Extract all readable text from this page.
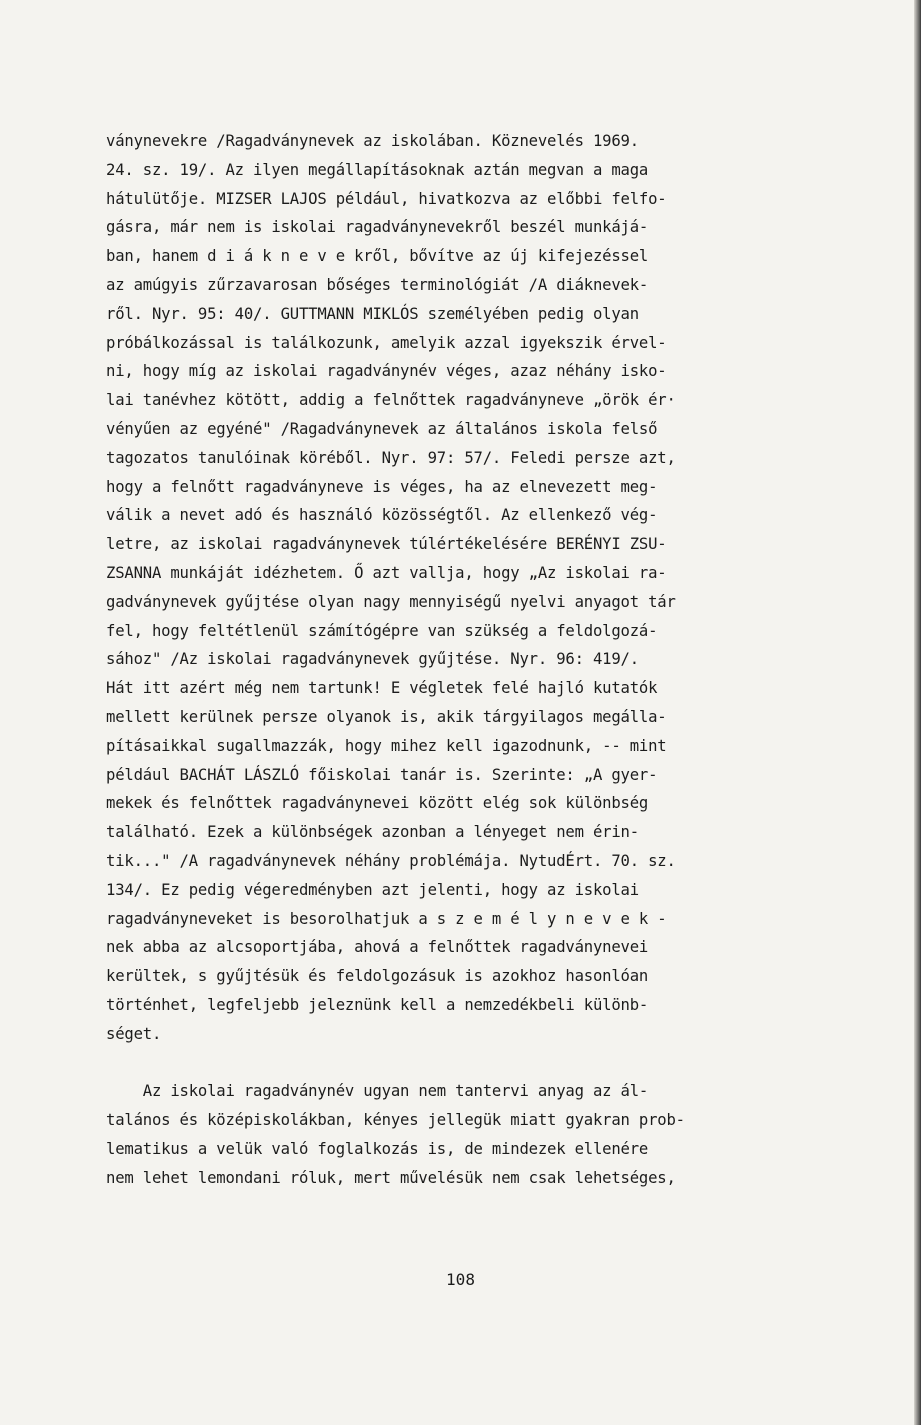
ványnevekre /Ragadványnevek az iskolában. Köznevelés 1969.
24. sz. 19/. Az ilyen megállapításoknak aztán megvan a maga
hátulütője. MIZSER LAJOS például, hivatkozva az előbbi felfo-
gásra, már nem is iskolai ragadványnevekről beszél munkájá-
ban, hanem d i á k n e v e kről, bővítve az új kifejezéssel
az amúgyis zűrzavarosan bőséges terminológiát /A diáknevek-
ről. Nyr. 95: 40/. GUTTMANN MIKLÓS személyében pedig olyan
próbálkozással is találkozunk, amelyik azzal igyekszik érvel-
ni, hogy míg az iskolai ragadványnév véges, azaz néhány isko-
lai tanévhez kötött, addig a felnőttek ragadványneve „örök ér·
vényűen az egyéné" /Ragadványnevek az általános iskola felső
tagozatos tanulóinak köréből. Nyr. 97: 57/. Feledi persze azt,
hogy a felnőtt ragadványneve is véges, ha az elnevezett meg-
válik a nevet adó és használó közösségtől. Az ellenkező vég-
letre, az iskolai ragadványnevek túlértékelésére BERÉNYI ZSU-
ZSANNA munkáját idézhetem. Ő azt vallja, hogy „Az iskolai ra-
gadványnevek gyűjtése olyan nagy mennyiségű nyelvi anyagot tár
fel, hogy feltétlenül számítógépre van szükség a feldolgozá-
sához" /Az iskolai ragadványnevek gyűjtése. Nyr. 96: 419/.
Hát itt azért még nem tartunk! E végletek felé hajló kutatók
mellett kerülnek persze olyanok is, akik tárgyilagos megálla-
pításaikkal sugallmazzák, hogy mihez kell igazodnunk, -- mint
például BACHÁT LÁSZLÓ főiskolai tanár is. Szerinte: „A gyer-
mekek és felnőttek ragadványnevei között elég sok különbség
található. Ezek a különbségek azonban a lényeget nem érin-
tik..." /A ragadványnevek néhány problémája. NytudÉrt. 70. sz.
134/. Ez pedig végeredményben azt jelenti, hogy az iskolai
ragadványneveket is besorolhatjuk a s z e m é l y n e v e k -
nek abba az alcsoportjába, ahová a felnőttek ragadványnevei
kerültek, s gyűjtésük és feldolgozásuk is azokhoz hasonlóan
történhet, legfeljebb jeleznünk kell a nemzedékbeli különb-
séget.
Az iskolai ragadványnév ugyan nem tantervi anyag az ál-
talános és középiskolákban, kényes jellegük miatt gyakran prob-
lematikus a velük való foglalkozás is, de mindezek ellenére
nem lehet lemondani róluk, mert művelésük nem csak lehetséges,
108
